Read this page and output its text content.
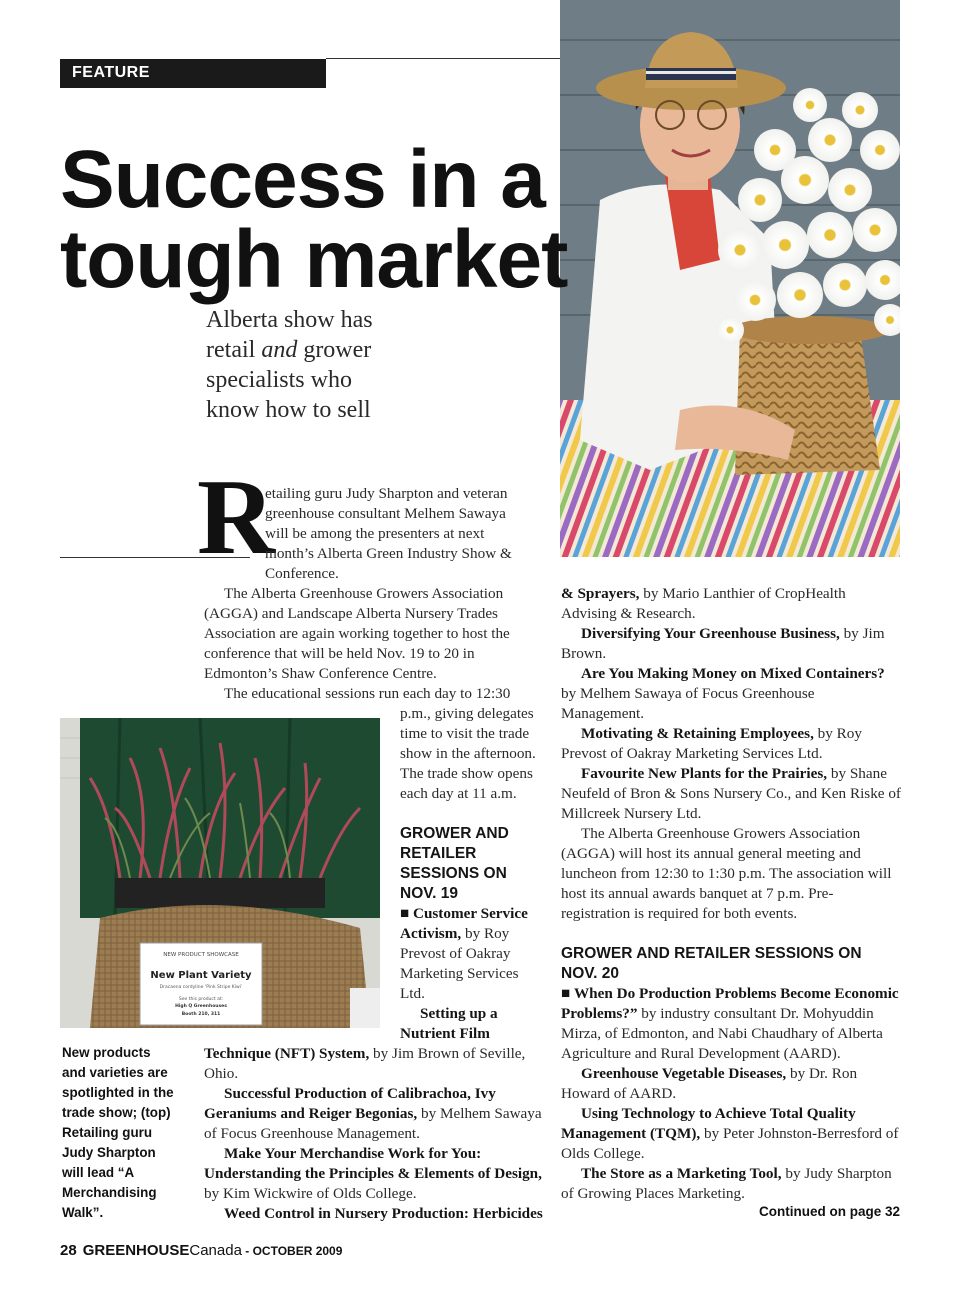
FEATURE
Success in a
tough market
Alberta show has
retail and grower
specialists who
know how to sell
R
etailing guru Judy Sharpton and veteran
greenhouse consultant Melhem Sawaya
will be among the presenters at next
month’s Alberta Green Industry Show &
Conference.

The Alberta Greenhouse Growers Association (AGGA) and Landscape Alberta Nursery Trades Association are again working together to host the conference that will be held Nov. 19 to 20 in Edmonton’s Shaw Conference Centre.

The educational sessions run each day to 12:30

NEW PRODUCT SHOWCASE
New Plant Variety
Dracaena cordyline ‘Pink Stripe Kiwi’
See this product at:
High Q Greenhouses
Booth 210, 311

p.m., giving delegates time to visit the trade show in the afternoon. The trade show opens each day at 11 a.m.

GROWER AND RETAILER SESSIONS ON NOV. 19

■ Customer Service Activism, by Roy Prevost of Oakray Marketing Services Ltd.

Setting up a Nutrient Film

Technique (NFT) System, by Jim Brown of Seville, Ohio.

Successful Production of Calibrachoa, Ivy Geraniums and Reiger Begonias, by Melhem Sawaya of Focus Greenhouse Management.

Make Your Merchandise Work for You: Understanding the Principles & Elements of Design, by Kim Wickwire of Olds College.

Weed Control in Nursery Production: Herbicides

New products
and varieties are
spotlighted in the
trade show; (top)
Retailing guru
Judy Sharpton
will lead “A
Merchandising
Walk”.

& Sprayers, by Mario Lanthier of CropHealth Advising & Research.

Diversifying Your Greenhouse Business, by Jim Brown.

Are You Making Money on Mixed Containers? by Melhem Sawaya of Focus Greenhouse Management.

Motivating & Retaining Employees, by Roy Prevost of Oakray Marketing Services Ltd.

Favourite New Plants for the Prairies, by Shane Neufeld of Bron & Sons Nursery Co., and Ken Riske of Millcreek Nursery Ltd.

The Alberta Greenhouse Growers Association (AGGA) will host its annual general meeting and luncheon from 12:30 to 1:30 p.m. The association will host its annual awards banquet at 7 p.m. Pre-registration is required for both events.

GROWER AND RETAILER SESSIONS ON NOV. 20

■ When Do Production Problems Become Economic Problems?” by industry consultant Dr. Mohyuddin Mirza, of Edmonton, and Nabi Chaudhary of Alberta Agriculture and Rural Development (AARD).

Greenhouse Vegetable Diseases, by Dr. Ron Howard of AARD.

Using Technology to Achieve Total Quality Management (TQM), by Peter Johnston-Berresford of Olds College.

The Store as a Marketing Tool, by Judy Sharpton of Growing Places Marketing.

Continued on page 32
28 GREENHOUSECanada - OCTOBER 2009
